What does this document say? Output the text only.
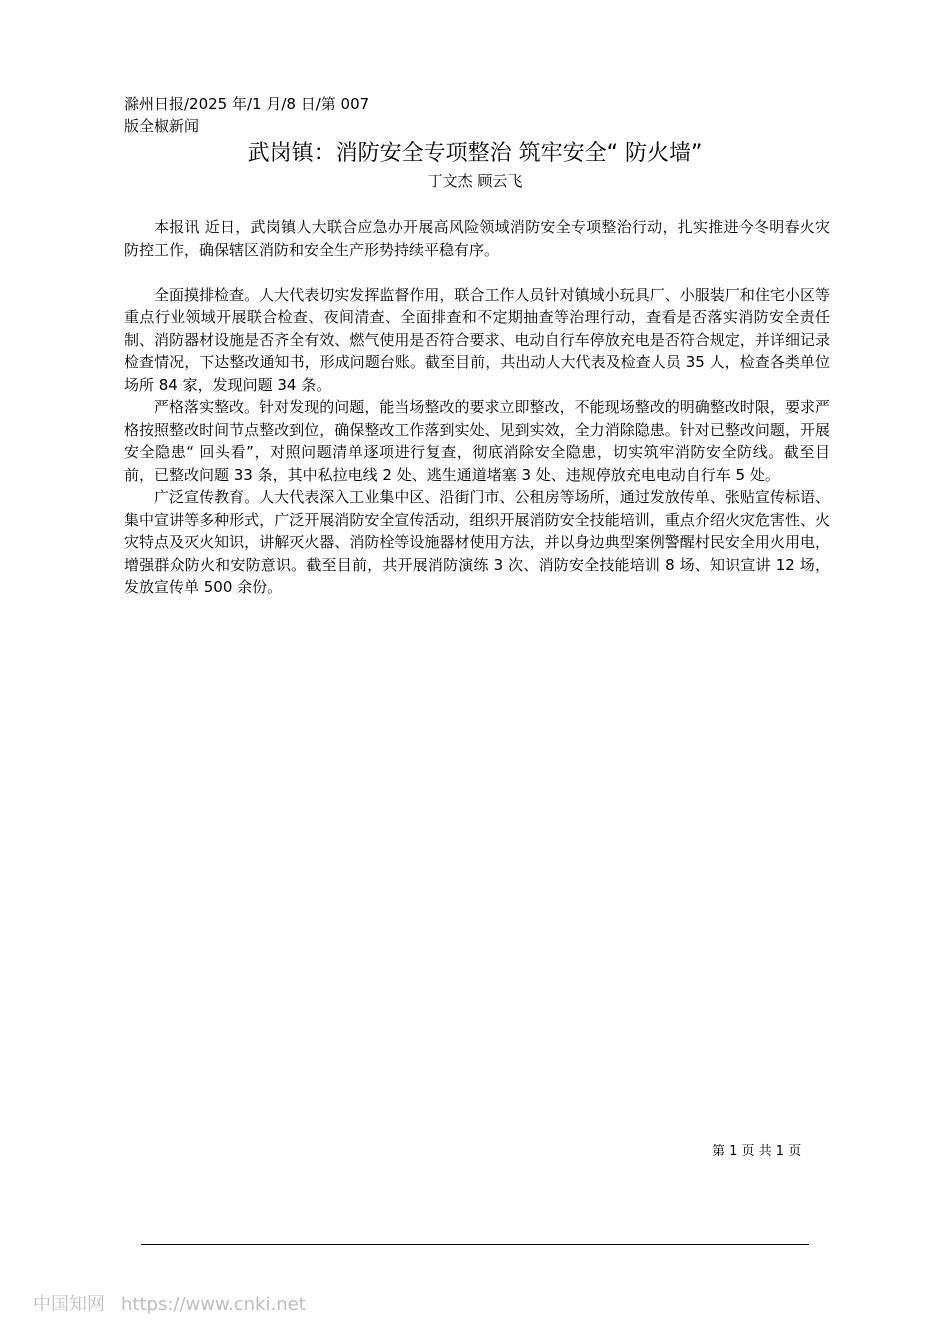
滁州日报/2025 年/1 月/8 日/第 007
版全椒新闻
武岗镇：消防安全专项整治 筑牢安全“ 防火墙”
丁文杰 顾云飞

本报讯 近日，武岗镇人大联合应急办开展高风险领域消防安全专项整治行动，扎实推进今冬明春火灾防控工作，确保辖区消防和安全生产形势持续平稳有序。

全面摸排检查。人大代表切实发挥监督作用，联合工作人员针对镇域小玩具厂、小服装厂和住宅小区等重点行业领域开展联合检查、夜间清查、全面排查和不定期抽查等治理行动，查看是否落实消防安全责任制、消防器材设施是否齐全有效、燃气使用是否符合要求、电动自行车停放充电是否符合规定，并详细记录检查情况，下达整改通知书，形成问题台账。截至目前，共出动人大代表及检查人员 35 人，检查各类单位场所 84 家，发现问题 34 条。

严格落实整改。针对发现的问题，能当场整改的要求立即整改，不能现场整改的明确整改时限，要求严格按照整改时间节点整改到位，确保整改工作落到实处、见到实效，全力消除隐患。针对已整改问题，开展安全隐患“ 回头看”，对照问题清单逐项进行复查，彻底消除安全隐患，切实筑牢消防安全防线。截至目前，已整改问题 33 条，其中私拉电线 2 处、逃生通道堵塞 3 处、违规停放充电电动自行车 5 处。

广泛宣传教育。人大代表深入工业集中区、沿街门市、公租房等场所，通过发放传单、张贴宣传标语、集中宣讲等多种形式，广泛开展消防安全宣传活动，组织开展消防安全技能培训，重点介绍火灾危害性、火灾特点及灭火知识，讲解灭火器、消防栓等设施器材使用方法，并以身边典型案例警醒村民安全用火用电，增强群众防火和安防意识。截至目前，共开展消防演练 3 次、消防安全技能培训 8 场、知识宣讲 12 场，发放宣传单 500 余份。

第 1 页 共 1 页
中国知网 https://www.cnki.net
